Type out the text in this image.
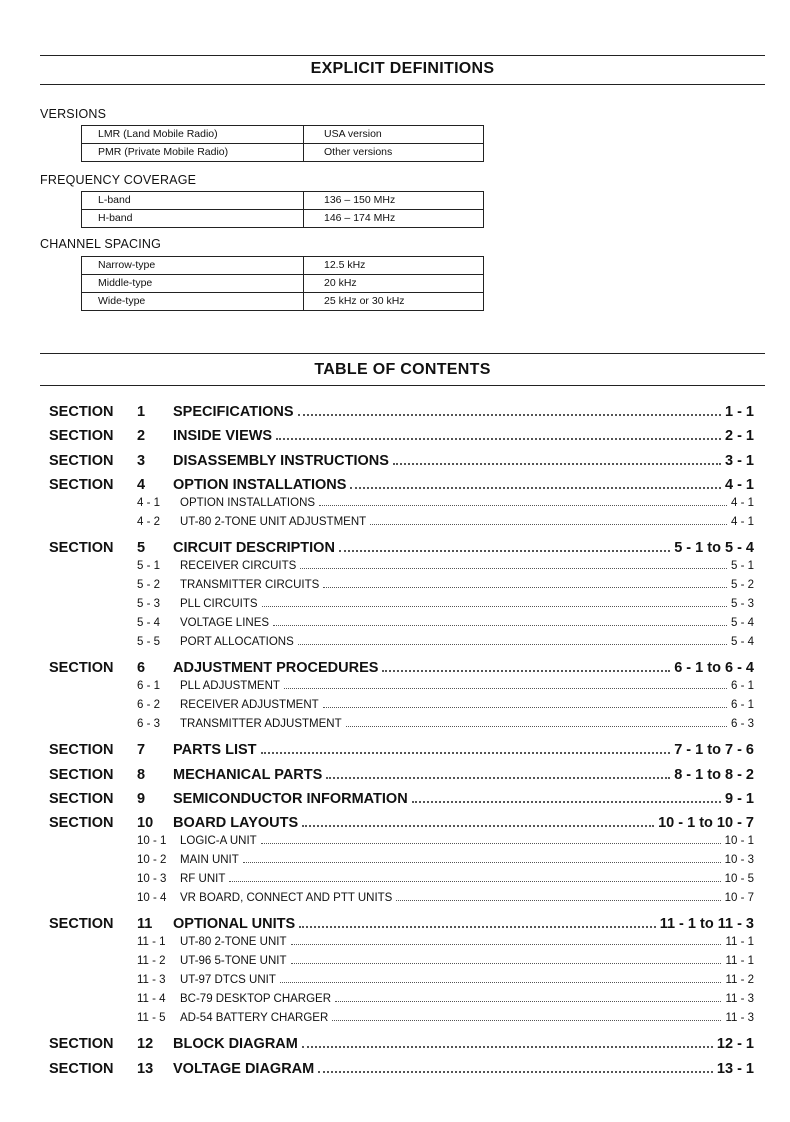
EXPLICIT DEFINITIONS
VERSIONS
LMR (Land Mobile Radio)	USA version
PMR (Private Mobile Radio)	Other versions
FREQUENCY COVERAGE
L-band	136 – 150 MHz
H-band	146 – 174 MHz
CHANNEL SPACING
Narrow-type	12.5 kHz
Middle-type	20 kHz
Wide-type	25 kHz or 30 kHz
TABLE OF CONTENTS
SECTION 1 SPECIFICATIONS	1 - 1
SECTION 2 INSIDE VIEWS	2 - 1
SECTION 3 DISASSEMBLY INSTRUCTIONS	3 - 1
SECTION 4 OPTION INSTALLATIONS	4 - 1
4 - 1 OPTION INSTALLATIONS	4 - 1
4 - 2 UT-80 2-TONE UNIT ADJUSTMENT	4 - 1
SECTION 5 CIRCUIT DESCRIPTION	5 - 1 to 5 - 4
5 - 1 RECEIVER CIRCUITS	5 - 1
5 - 2 TRANSMITTER CIRCUITS	5 - 2
5 - 3 PLL CIRCUITS	5 - 3
5 - 4 VOLTAGE LINES	5 - 4
5 - 5 PORT ALLOCATIONS	5 - 4
SECTION 6 ADJUSTMENT PROCEDURES	6 - 1 to 6 - 4
6 - 1 PLL ADJUSTMENT	6 - 1
6 - 2 RECEIVER ADJUSTMENT	6 - 1
6 - 3 TRANSMITTER ADJUSTMENT	6 - 3
SECTION 7 PARTS LIST	7 - 1 to 7 - 6
SECTION 8 MECHANICAL PARTS	8 - 1 to 8 - 2
SECTION 9 SEMICONDUCTOR INFORMATION	9 - 1
SECTION 10 BOARD LAYOUTS	10 - 1 to 10 - 7
10 - 1 LOGIC-A UNIT	10 - 1
10 - 2 MAIN UNIT	10 - 3
10 - 3 RF UNIT	10 - 5
10 - 4 VR BOARD, CONNECT AND PTT UNITS	10 - 7
SECTION 11 OPTIONAL UNITS	11 - 1 to 11 - 3
11 - 1 UT-80 2-TONE UNIT	11 - 1
11 - 2 UT-96 5-TONE UNIT	11 - 1
11 - 3 UT-97 DTCS UNIT	11 - 2
11 - 4 BC-79 DESKTOP CHARGER	11 - 3
11 - 5 AD-54 BATTERY CHARGER	11 - 3
SECTION 12 BLOCK DIAGRAM	12 - 1
SECTION 13 VOLTAGE DIAGRAM	13 - 1
